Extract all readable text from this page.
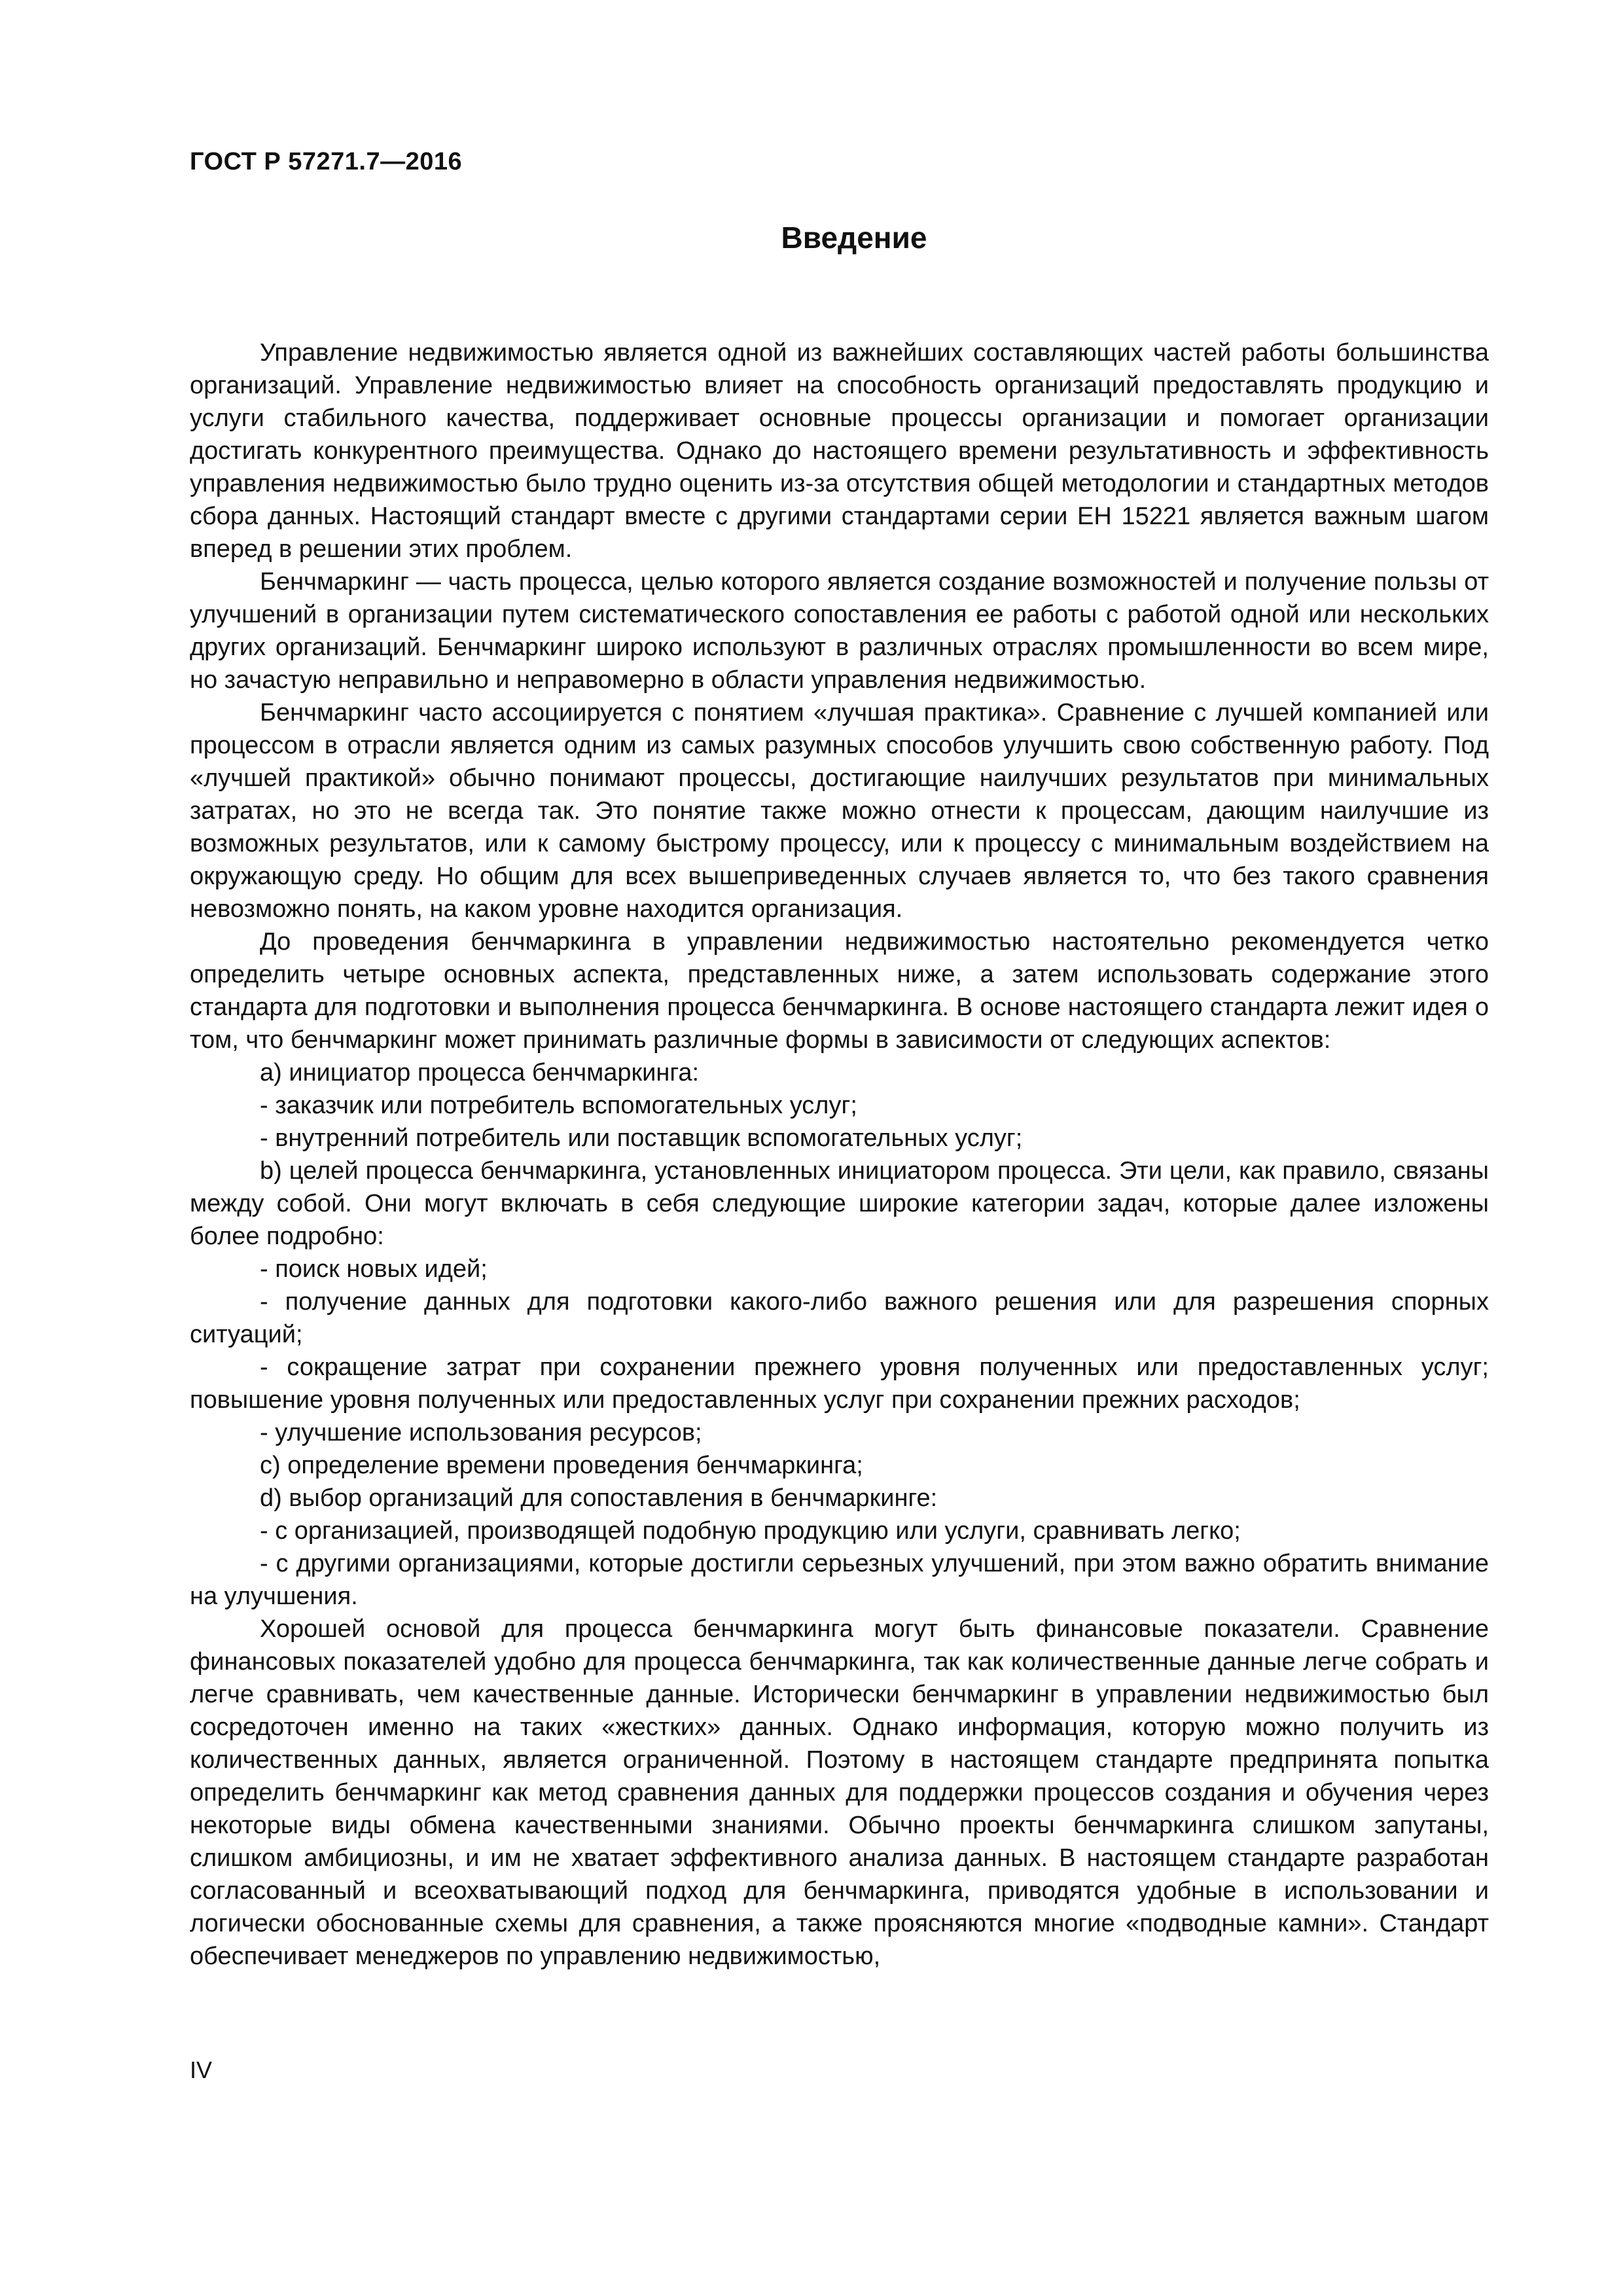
ГОСТ Р 57271.7—2016
Введение

Управление недвижимостью является одной из важнейших составляющих частей работы большинства организаций. Управление недвижимостью влияет на способность организаций предоставлять продукцию и услуги стабильного качества, поддерживает основные процессы организации и помогает организации достигать конкурентного преимущества. Однако до настоящего времени результативность и эффективность управления недвижимостью было трудно оценить из-за отсутствия общей методологии и стандартных методов сбора данных. Настоящий стандарт вместе с другими стандартами серии ЕН 15221 является важным шагом вперед в решении этих проблем.

Бенчмаркинг — часть процесса, целью которого является создание возможностей и получение пользы от улучшений в организации путем систематического сопоставления ее работы с работой одной или нескольких других организаций. Бенчмаркинг широко используют в различных отраслях промышленности во всем мире, но зачастую неправильно и неправомерно в области управления недвижимостью.

Бенчмаркинг часто ассоциируется с понятием «лучшая практика». Сравнение с лучшей компанией или процессом в отрасли является одним из самых разумных способов улучшить свою собственную работу. Под «лучшей практикой» обычно понимают процессы, достигающие наилучших результатов при минимальных затратах, но это не всегда так. Это понятие также можно отнести к процессам, дающим наилучшие из возможных результатов, или к самому быстрому процессу, или к процессу с минимальным воздействием на окружающую среду. Но общим для всех вышеприведенных случаев является то, что без такого сравнения невозможно понять, на каком уровне находится организация.

До проведения бенчмаркинга в управлении недвижимостью настоятельно рекомендуется четко определить четыре основных аспекта, представленных ниже, а затем использовать содержание этого стандарта для подготовки и выполнения процесса бенчмаркинга. В основе настоящего стандарта лежит идея о том, что бенчмаркинг может принимать различные формы в зависимости от следующих аспектов:

a) инициатор процесса бенчмаркинга:

- заказчик или потребитель вспомогательных услуг;

- внутренний потребитель или поставщик вспомогательных услуг;

b) целей процесса бенчмаркинга, установленных инициатором процесса. Эти цели, как правило, связаны между собой. Они могут включать в себя следующие широкие категории задач, которые далее изложены более подробно:

- поиск новых идей;

- получение данных для подготовки какого-либо важного решения или для разрешения спорных ситуаций;

- сокращение затрат при сохранении прежнего уровня полученных или предоставленных услуг; повышение уровня полученных или предоставленных услуг при сохранении прежних расходов;

- улучшение использования ресурсов;

c) определение времени проведения бенчмаркинга;

d) выбор организаций для сопоставления в бенчмаркинге:

- с организацией, производящей подобную продукцию или услуги, сравнивать легко;

- с другими организациями, которые достигли серьезных улучшений, при этом важно обратить внимание на улучшения.

Хорошей основой для процесса бенчмаркинга могут быть финансовые показатели. Сравнение финансовых показателей удобно для процесса бенчмаркинга, так как количественные данные легче собрать и легче сравнивать, чем качественные данные. Исторически бенчмаркинг в управлении недвижимостью был сосредоточен именно на таких «жестких» данных. Однако информация, которую можно получить из количественных данных, является ограниченной. Поэтому в настоящем стандарте предпринята попытка определить бенчмаркинг как метод сравнения данных для поддержки процессов создания и обучения через некоторые виды обмена качественными знаниями. Обычно проекты бенчмаркинга слишком запутаны, слишком амбициозны, и им не хватает эффективного анализа данных. В настоящем стандарте разработан согласованный и всеохватывающий подход для бенчмаркинга, приводятся удобные в использовании и логически обоснованные схемы для сравнения, а также проясняются многие «подводные камни». Стандарт обеспечивает менеджеров по управлению недвижимостью,

IV
